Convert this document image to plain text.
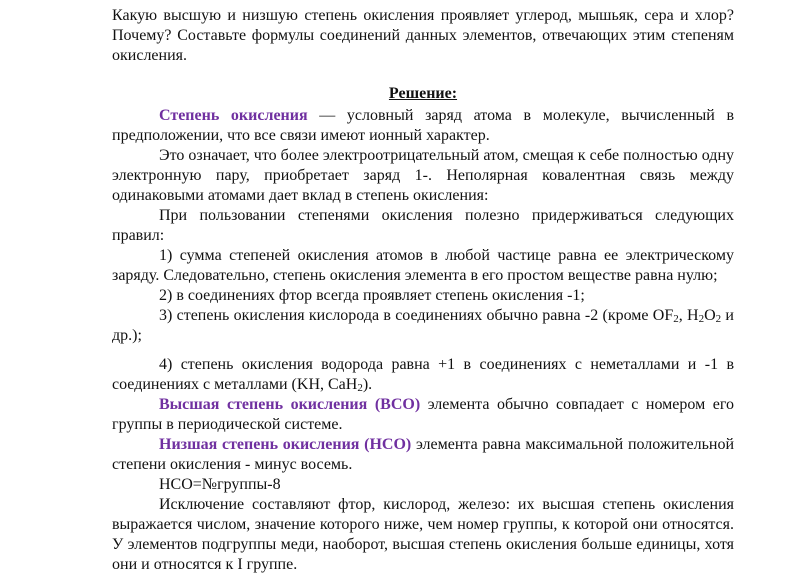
Какую высшую и низшую степень окисления проявляет углерод, мышьяк, сера и хлор? Почему? Составьте формулы соединений данных элементов, отвечающих этим степеням окисления.

Решение:

Степень окисления — условный заряд атома в молекуле, вычисленный в предположении, что все связи имеют ионный характер.

Это означает, что более электроотрицательный атом, смещая к себе полностью одну электронную пару, приобретает заряд 1-. Неполярная ковалентная связь между одинаковыми атомами дает вклад в степень окисления:

При пользовании степенями окисления полезно придерживаться следующих правил:

1) сумма степеней окисления атомов в любой частице равна ее электрическому заряду. Следовательно, степень окисления элемента в его простом веществе равна нулю;

2) в соединениях фтор всегда проявляет степень окисления -1;

3) степень окисления кислорода в соединениях обычно равна -2 (кроме $OF_2$, $H_2O_2$ и др.);

4) степень окисления водорода равна +1 в соединениях с неметаллами и -1 в соединениях с металлами (KH, CaH$_2$).

Высшая степень окисления (ВСО) элемента обычно совпадает с номером его группы в периодической системе.

Низшая степень окисления (НСО) элемента равна максимальной положительной степени окисления - минус восемь.

НСО=№группы-8

Исключение составляют фтор, кислород, железо: их высшая степень окисления выражается числом, значение которого ниже, чем номер группы, к которой они относятся. У элементов подгруппы меди, наоборот, высшая степень окисления больше единицы, хотя они и относятся к I группе.
